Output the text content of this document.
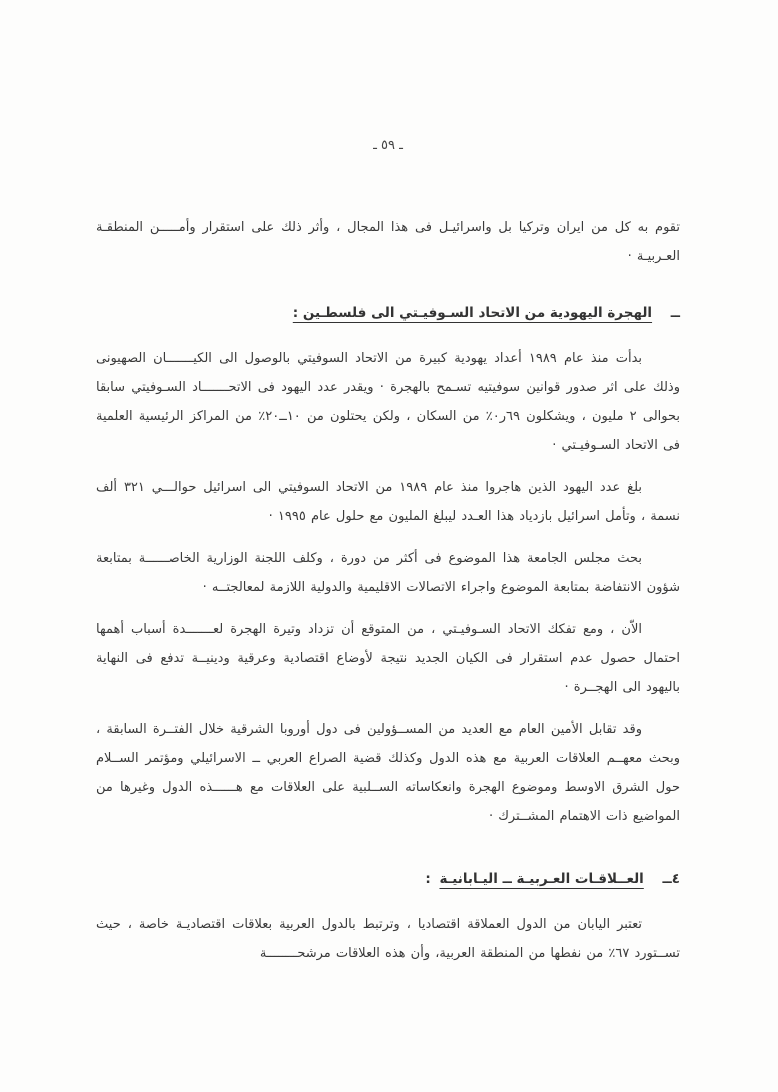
ـ ٥٩ ـ

تقوم به كل من ايران وتركيا بل واسرائيـل فى هذا المجال ، وأثر ذلك على استقرار وأمـــــن المنطقـة العـربيـة ·

ــ الهجرة اليهودية من الاتحاد السـوفيـتي الى فلسطـين :

بدأت منذ عام ١٩٨٩ أعداد يهودية كبيرة من الاتحاد السوفيتي بالوصول الى الكيـــــــان الصهيونى وذلك على اثر صدور قوانين سوفيتيه تسـمح بالهجرة · ويقدر عدد اليهود فى الاتحـــــــاد السـوفيتي سابقا بحوالى ٢ مليون ، ويشكلون ٦٩ر٠٪ من السكان ، ولكن يحتلون من ١٠ــ٢٠٪ من المراكز الرئيسية العلمية فى الاتحاد السـوفيـتي ·

بلغ عدد اليهود الذين هاجروا منذ عام ١٩٨٩ من الاتحاد السوفيتي الى اسرائيل حوالـــي ٣٢١ ألف نسمة ، وتأمل اسرائيل بازدياد هذا العـدد ليبلغ المليون مع حلول عام ١٩٩٥ ·

بحث مجلس الجامعة هذا الموضوع فى أكثر من دورة ، وكلف اللجنة الوزارية الخاصــــــة بمتابعة شؤون الانتفاضة بمتابعة الموضوع واجراء الاتصالات الاقليمية والدولية اللازمة لمعالجتــه ·

الاّن ، ومع تفكك الاتحاد السـوفيـتي ، من المتوقع أن تزداد وتيرة الهجرة لعـــــــدة أسباب أهمها احتمال حصول عدم استقرار فى الكيان الجديد نتيجة لأوضاع اقتصادية وعرقية ودينيــة تدفع فى النهاية باليهود الى الهجــرة ·

وقد تقابل الأمين العام مع العديد من المســؤولين فى دول أوروبا الشرقية خلال الفتــرة السابقة ، وبحث معهــم العلاقات العربية مع هذه الدول وكذلك قضية الصراع العربي ــ الاسرائيلي ومؤتمر الســلام حول الشرق الاوسط وموضوع الهجرة وانعكاساته الســلبية على العلاقات مع هــــــذه الدول وغيرها من المواضيع ذات الاهتمام المشــترك ·

٤ــ العــلاقـات العـربيـة ــ اليـابانيـة :

تعتبر اليابان من الدول العملاقة اقتصاديا ، وترتبط بالدول العربية بعلاقات اقتصاديـة خاصة ، حيث تســتورد ٦٧٪ من نفطها من المنطقة العربية، وأن هذه العلاقات مرشحــــــــة
